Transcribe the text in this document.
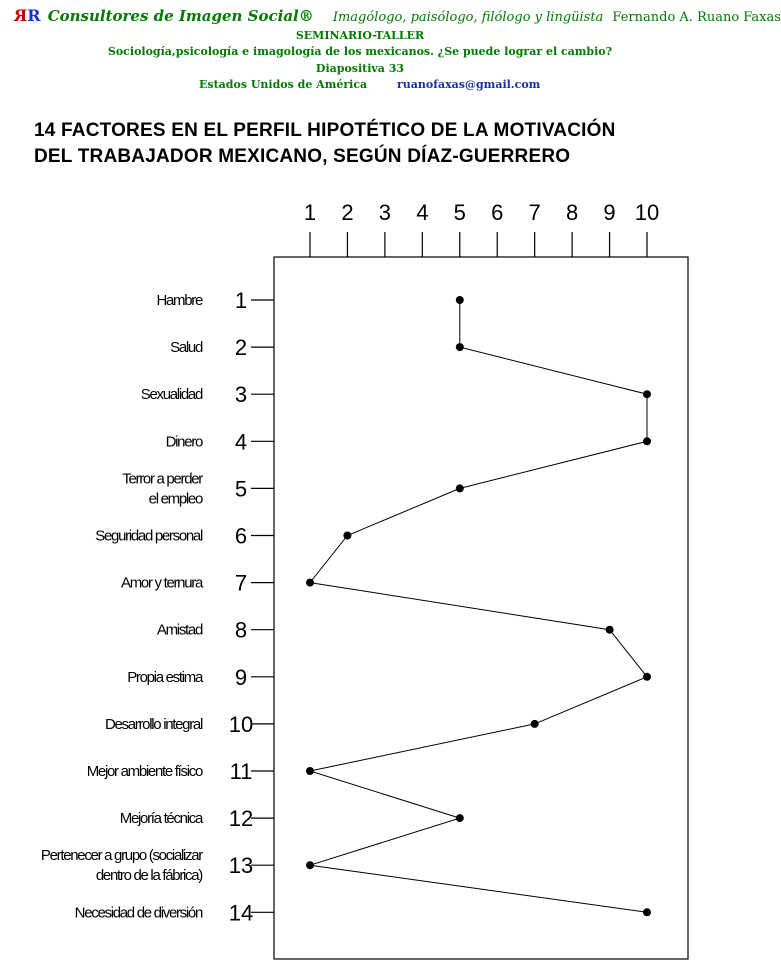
RR Consultores de Imagen Social® Imagólogo, paisólogo, filólogo y lingüista Fernando A. Ruano Faxas
SEMINARIO-TALLER
Sociología,psicología e imagología de los mexicanos. ¿Se puede lograr el cambio?
Diapositiva 33
Estados Unidos de América	ruanofaxas@gmail.com
14 FACTORES EN EL PERFIL HIPOTÉTICO DE LA MOTIVACIÓN
DEL TRABAJADOR MEXICANO, SEGÚN DÍAZ-GUERRERO
1 2 3 4 5 6 7 8 9 10
1
Hambre
2
Salud
3
Sexualidad
4
Dinero
5
Terror a perder
el empleo
6
Seguridad personal
7
Amor y ternura
8
Amistad
9
Propia estima
10
Desarrollo integral
11
Mejor ambiente físico
12
Mejoría técnica
13
Pertenecer a grupo (socializar
dentro de la fábrica)
14
Necesidad de diversión
